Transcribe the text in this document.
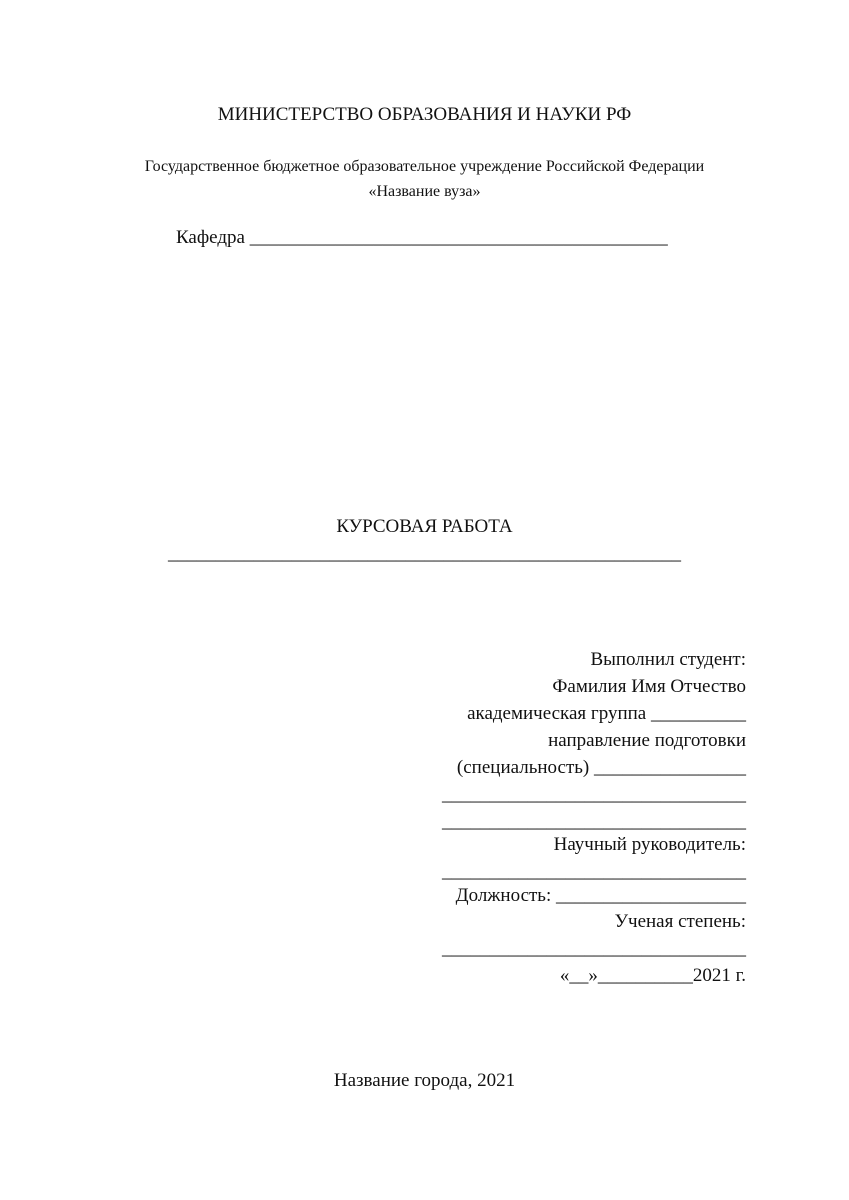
МИНИСТЕРСТВО ОБРАЗОВАНИЯ И НАУКИ РФ
Государственное бюджетное образовательное учреждение Российской Федерации
«Название вуза»
Кафедра ____________________________________________
КУРСОВАЯ РАБОТА
______________________________________________________
Выполнил студент:
Фамилия Имя Отчество
академическая группа __________
направление подготовки
(специальность) ________________
________________________________
________________________________
Научный руководитель:
________________________________
Должность: ____________________
Ученая степень:
________________________________
«__»__________2021 г.
Название города, 2021
